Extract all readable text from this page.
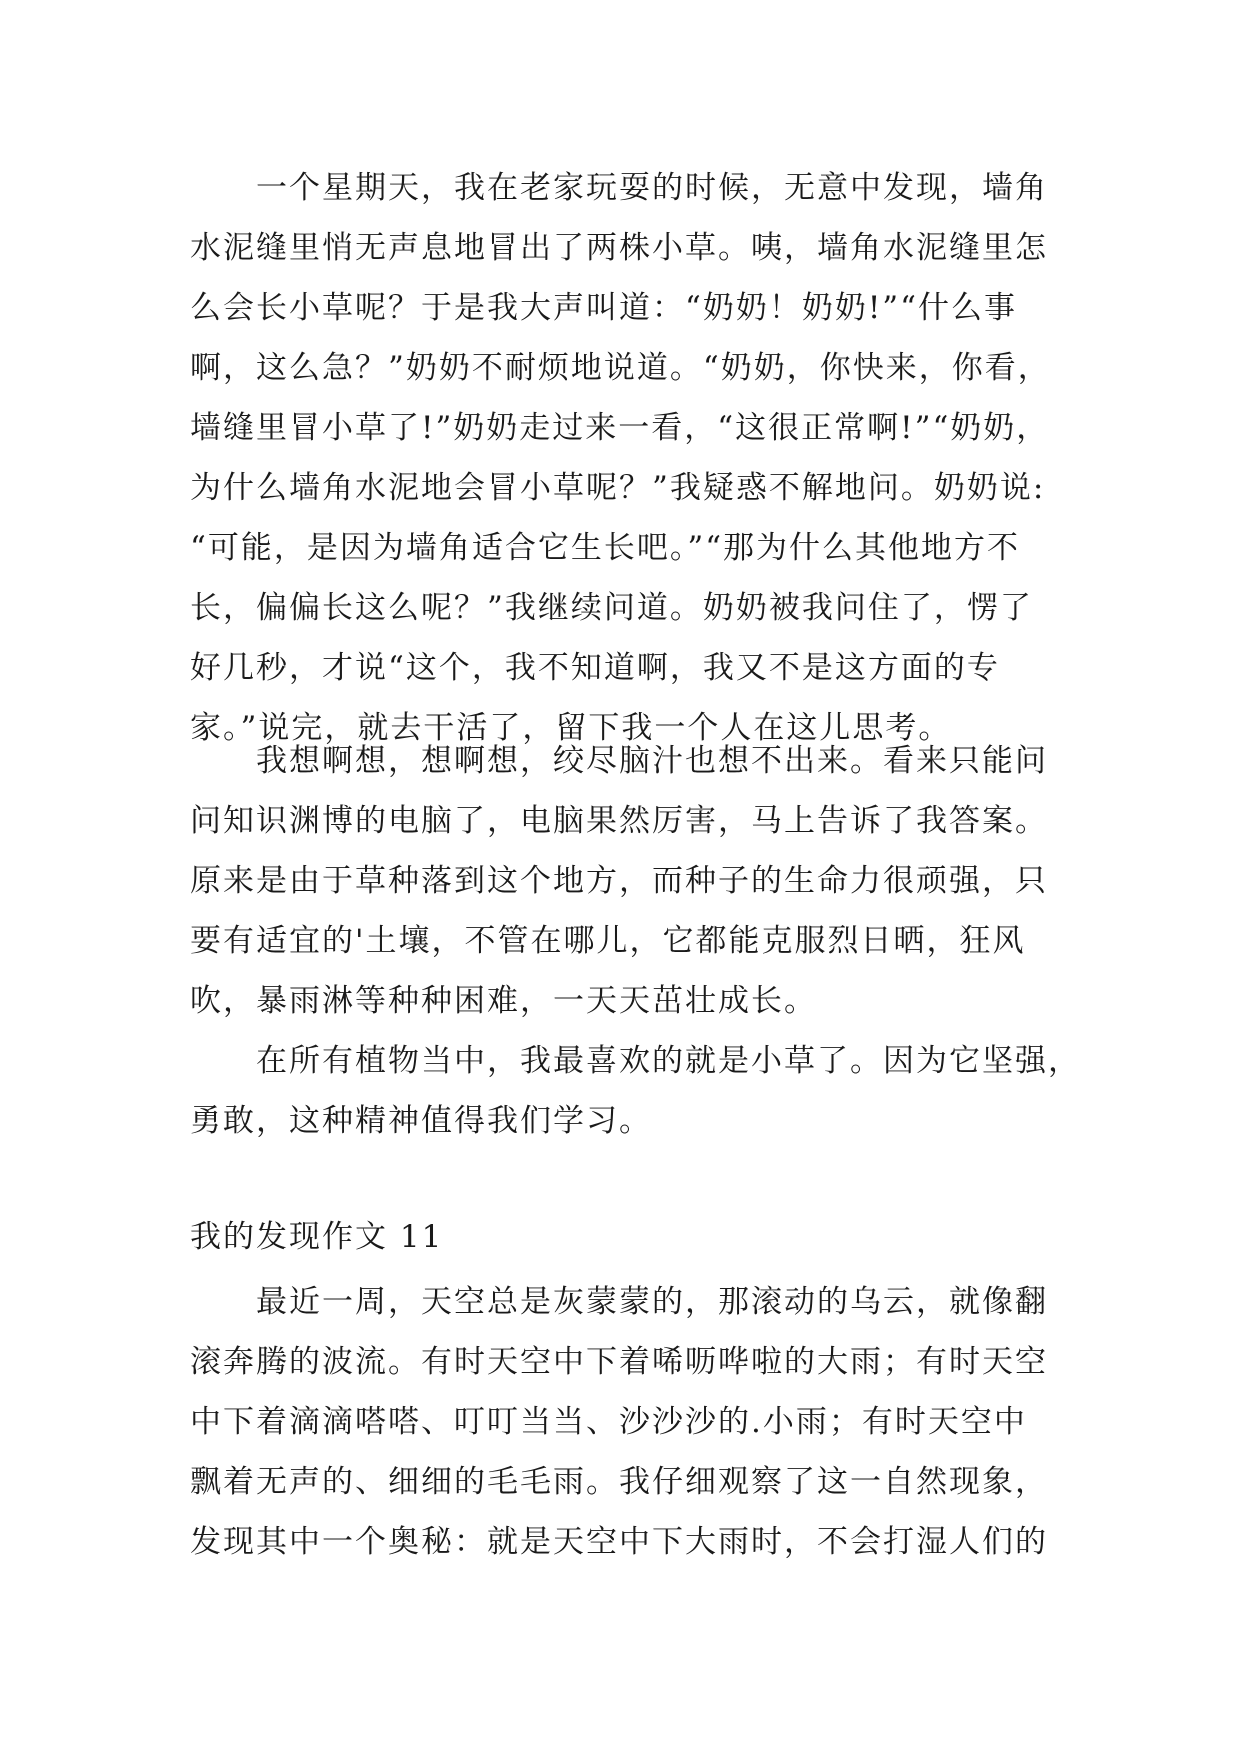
一个星期天，我在老家玩耍的时候，无意中发现，墙角
水泥缝里悄无声息地冒出了两株小草。咦，墙角水泥缝里怎
么会长小草呢？于是我大声叫道：“奶奶！奶奶!”“什么事
啊，这么急？”奶奶不耐烦地说道。“奶奶，你快来，你看，
墙缝里冒小草了!”奶奶走过来一看，“这很正常啊!”“奶奶，
为什么墙角水泥地会冒小草呢？”我疑惑不解地问。奶奶说:
“可能，是因为墙角适合它生长吧。”“那为什么其他地方不
长，偏偏长这么呢？”我继续问道。奶奶被我问住了，愣了
好几秒，才说“这个，我不知道啊，我又不是这方面的专
家。”说完，就去干活了，留下我一个人在这儿思考。
我想啊想，想啊想，绞尽脑汁也想不出来。看来只能问
问知识渊博的电脑了，电脑果然厉害，马上告诉了我答案。
原来是由于草种落到这个地方，而种子的生命力很顽强，只
要有适宜的'土壤，不管在哪儿，它都能克服烈日晒，狂风
吹，暴雨淋等种种困难，一天天茁壮成长。
在所有植物当中，我最喜欢的就是小草了。因为它坚强，
勇敢，这种精神值得我们学习。
我的发现作文 11
最近一周，天空总是灰蒙蒙的，那滚动的乌云，就像翻
滚奔腾的波流。有时天空中下着唏呖哗啦的大雨；有时天空
中下着滴滴嗒嗒、叮叮当当、沙沙沙的.小雨；有时天空中
飘着无声的、细细的毛毛雨。我仔细观察了这一自然现象，
发现其中一个奥秘：就是天空中下大雨时，不会打湿人们的
